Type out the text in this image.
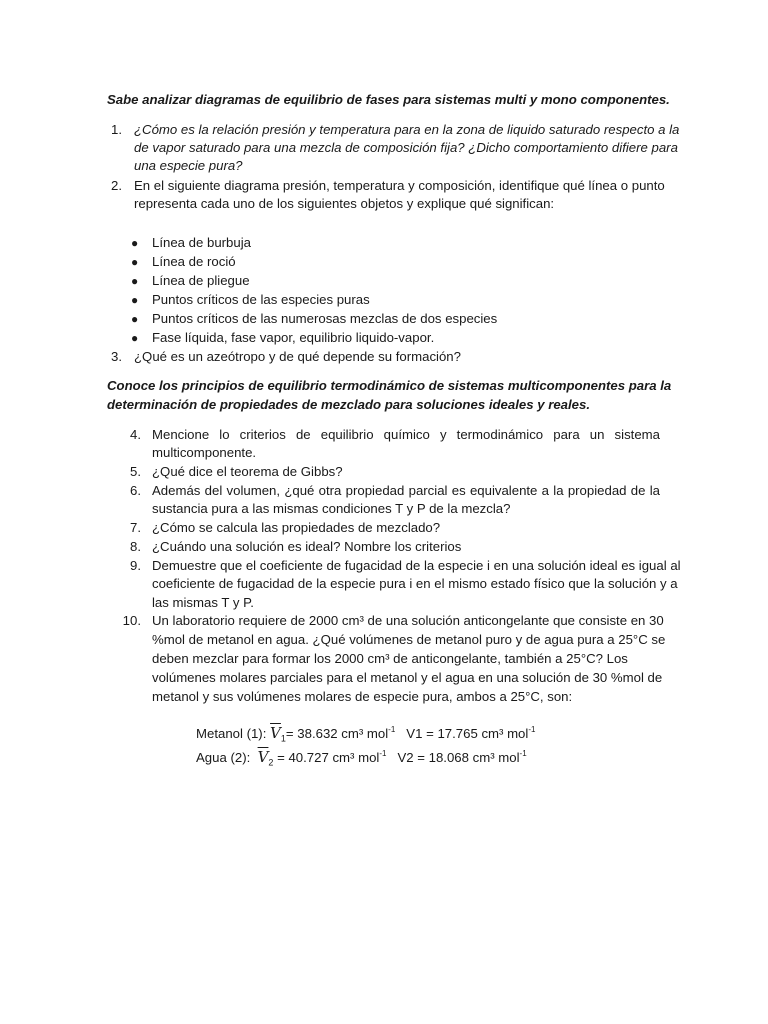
Sabe analizar diagramas de equilibrio de fases para sistemas multi y mono componentes.
1. ¿Cómo es la relación presión y temperatura para en la zona de liquido saturado respecto a la
de vapor saturado para una mezcla de composición fija? ¿Dicho comportamiento difiere para
una especie pura?
2. En el siguiente diagrama presión, temperatura y composición, identifique qué línea o punto
representa cada uno de los siguientes objetos y explique qué significan:
● Línea de burbuja
● Línea de roció
● Línea de pliegue
● Puntos críticos de las especies puras
● Puntos críticos de las numerosas mezclas de dos especies
● Fase líquida, fase vapor, equilibrio liquido-vapor.
3. ¿Qué es un azeótropo y de qué depende su formación?
Conoce los principios de equilibrio termodinámico de sistemas multicomponentes para la
determinación de propiedades de mezclado para soluciones ideales y reales.
4. Mencione lo criterios de equilibrio químico y termodinámico para un sistema
multicomponente.
5. ¿Qué dice el teorema de Gibbs?
6. Además del volumen, ¿qué otra propiedad parcial es equivalente a la propiedad de la
sustancia pura a las mismas condiciones T y P de la mezcla?
7. ¿Cómo se calcula las propiedades de mezclado?
8. ¿Cuándo una solución es ideal? Nombre los criterios
9. Demuestre que el coeficiente de fugacidad de la especie i en una solución ideal es igual al
coeficiente de fugacidad de la especie pura i en el mismo estado físico que la solución y a
las mismas T y P.
10. Un laboratorio requiere de 2000 cm³ de una solución anticongelante que consiste en 30
%mol de metanol en agua. ¿Qué volúmenes de metanol puro y de agua pura a 25°C se
deben mezclar para formar los 2000 cm³ de anticongelante, también a 25°C? Los
volúmenes molares parciales para el metanol y el agua en una solución de 30 %mol de
metanol y sus volúmenes molares de especie pura, ambos a 25°C, son:
Metanol (1): $\overline{V}_1= 38.632$ cm³ mol$^{-1}$ V1 = 17.765 cm³ mol$^{-1}$
Agua (2): $\overline{V}_2 = 40.727$ cm³ mol$^{-1}$ V2 = 18.068 cm³ mol$^{-1}$
